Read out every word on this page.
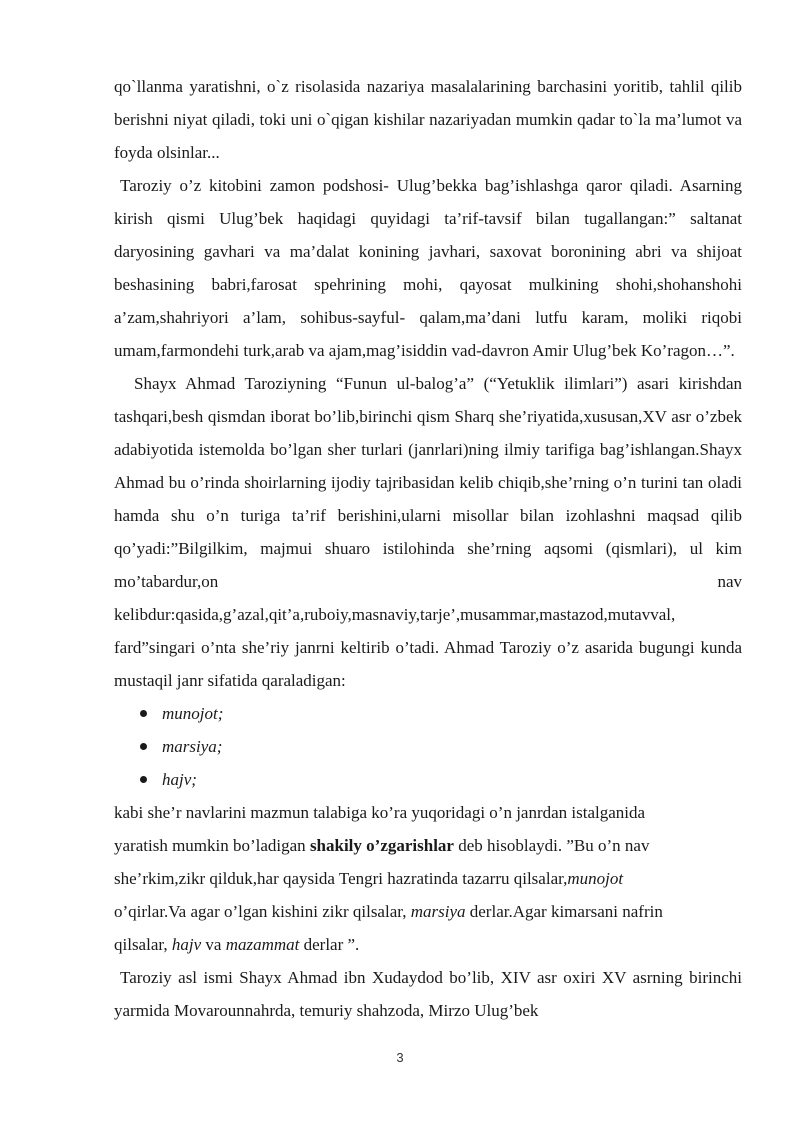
qo`llanma yaratishni, o`z risolasida nazariya masalalarining barchasini yoritib, tahlil qilib berishni niyat qiladi, toki uni o`qigan kishilar nazariyadan mumkin qadar to`la ma’lumot va foyda olsinlar...

Taroziy o’z kitobini zamon podshosi- Ulug’bekka bag’ishlashga qaror qiladi. Asarning kirish qismi Ulug’bek haqidagi quyidagi ta’rif-tavsif bilan tugallangan:” saltanat daryosining gavhari va ma’dalat konining javhari, saxovat boronining abri va shijoat beshasining babri,farosat spehrining mohi, qayosat mulkining shohi,shohanshohi a’zam,shahriyori a’lam, sohibus-sayful- qalam,ma’dani lutfu karam, moliki riqobi umam,farmondehi turk,arab va ajam,mag’isiddin vad-davron Amir Ulug’bek Ko’ragon…”.

Shayx Ahmad Taroziyning “Funun ul-balog’a” (“Yetuklik ilimlari”) asari kirishdan tashqari,besh qismdan iborat bo’lib,birinchi qism Sharq she’riyatida,xususan,XV asr o’zbek adabiyotida istemolda bo’lgan sher turlari (janrlari)ning ilmiy tarifiga bag’ishlangan.Shayx Ahmad bu o’rinda shoirlarning ijodiy tajribasidan kelib chiqib,she’rning o’n turini tan oladi hamda shu o’n turiga ta’rif berishini,ularni misollar bilan izohlashni maqsad qilib qo’yadi:”Bilgilkim, majmui shuaro istilohinda she’rning aqsomi (qismlari), ul kim mo’tabardur,on nav kelibdur:qasida,g’azal,qit’a,ruboiy,masnaviy,tarje’,musammar,mastazod,mutavval, fard”singari o’nta she’riy janrni keltirib o’tadi. Ahmad Taroziy o’z asarida bugungi kunda mustaqil janr sifatida qaraladigan:

munojot;
marsiya;
hajv;
kabi she’r navlarini mazmun talabiga ko’ra yuqoridagi o’n janrdan istalganida
yaratish mumkin bo’ladigan shakily o’zgarishlar deb hisoblaydi. ”Bu o’n nav
she’rkim,zikr qilduk,har qaysida Tengri hazratinda tazarru qilsalar,munojot
o’qirlar.Va agar o’lgan kishini zikr qilsalar, marsiya derlar.Agar kimarsani nafrin
qilsalar, hajv va mazammat derlar ”.

Taroziy asl ismi Shayx Ahmad ibn Xudaydod bo’lib, XIV asr oxiri XV asrning birinchi yarmida Movarounnahrda, temuriy shahzoda, Mirzo Ulug’bek

3
